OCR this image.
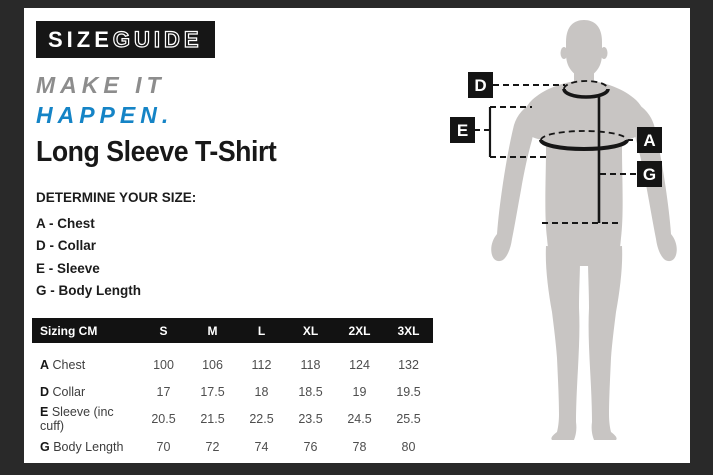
SIZE GUIDE
MAKE IT
HAPPEN.
Long Sleeve T-Shirt
DETERMINE YOUR SIZE:
A - Chest
D - Collar
E - Sleeve
G - Body Length
Sizing CM	S	M	L	XL	2XL	3XL
A Chest	100	106	112	118	124	132
D Collar	17	17.5	18	18.5	19	19.5
E Sleeve (inc cuff)	20.5	21.5	22.5	23.5	24.5	25.5
G Body Length	70	72	74	76	78	80
D
E
A
G
